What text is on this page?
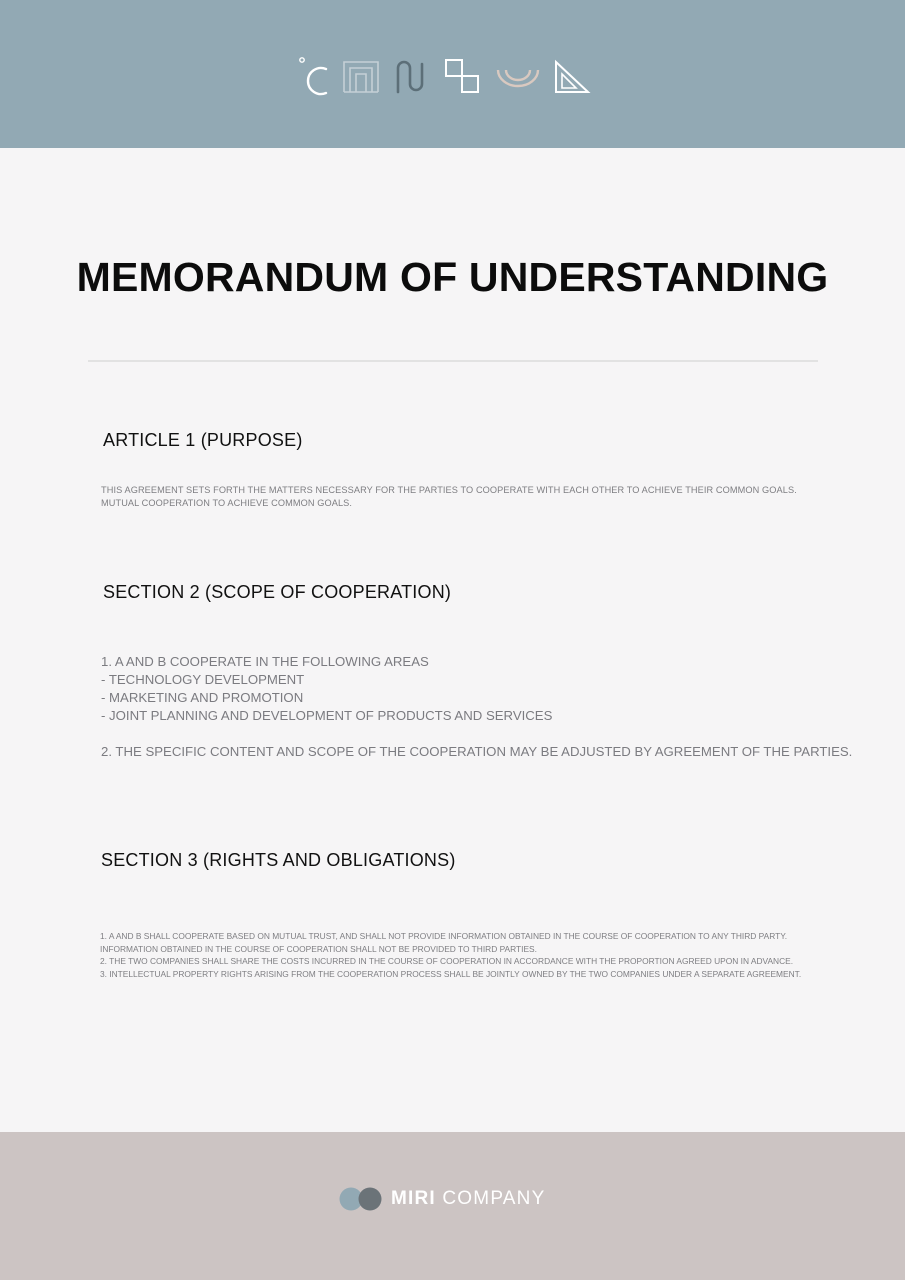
MEMORANDUM OF UNDERSTANDING
ARTICLE 1 (PURPOSE)

THIS AGREEMENT SETS FORTH THE MATTERS NECESSARY FOR THE PARTIES TO COOPERATE WITH EACH OTHER TO ACHIEVE THEIR COMMON GOALS.
MUTUAL COOPERATION TO ACHIEVE COMMON GOALS.

SECTION 2 (SCOPE OF COOPERATION)

1. A AND B COOPERATE IN THE FOLLOWING AREAS
- TECHNOLOGY DEVELOPMENT
- MARKETING AND PROMOTION
- JOINT PLANNING AND DEVELOPMENT OF PRODUCTS AND SERVICES
2. THE SPECIFIC CONTENT AND SCOPE OF THE COOPERATION MAY BE ADJUSTED BY AGREEMENT OF THE PARTIES.

SECTION 3 (RIGHTS AND OBLIGATIONS)

1. A AND B SHALL COOPERATE BASED ON MUTUAL TRUST, AND SHALL NOT PROVIDE INFORMATION OBTAINED IN THE COURSE OF COOPERATION TO ANY THIRD PARTY.
INFORMATION OBTAINED IN THE COURSE OF COOPERATION SHALL NOT BE PROVIDED TO THIRD PARTIES.
2. THE TWO COMPANIES SHALL SHARE THE COSTS INCURRED IN THE COURSE OF COOPERATION IN ACCORDANCE WITH THE PROPORTION AGREED UPON IN ADVANCE.
3. INTELLECTUAL PROPERTY RIGHTS ARISING FROM THE COOPERATION PROCESS SHALL BE JOINTLY OWNED BY THE TWO COMPANIES UNDER A SEPARATE AGREEMENT.

MIRI COMPANY
